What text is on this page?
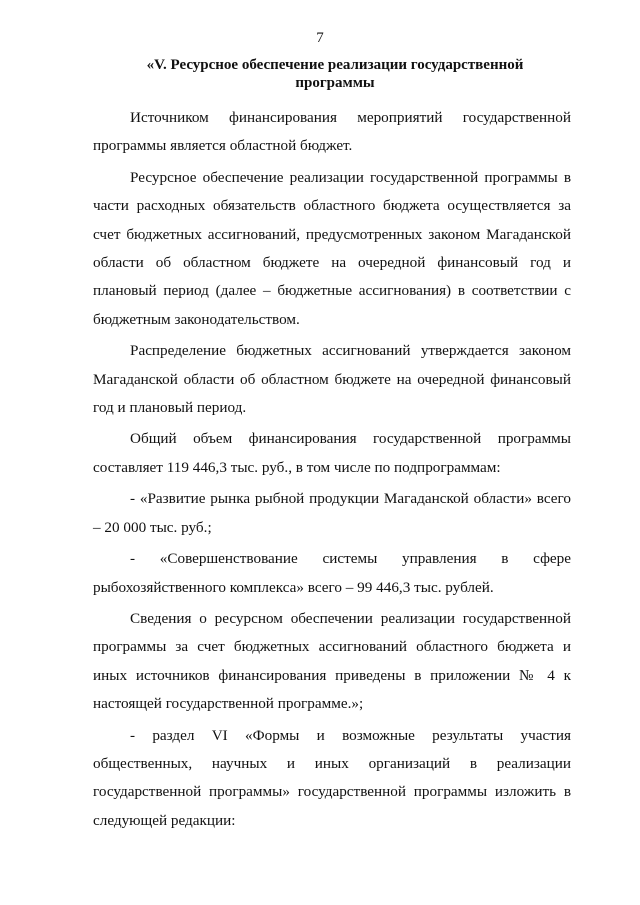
7
«V. Ресурсное обеспечение реализации государственной программы

Источником финансирования мероприятий государственной программы является областной бюджет.

Ресурсное обеспечение реализации государственной программы в части расходных обязательств областного бюджета осуществляется за счет бюджетных ассигнований, предусмотренных законом Магаданской области об областном бюджете на очередной финансовый год и плановый период (далее – бюджетные ассигнования) в соответствии с бюджетным законодательством.

Распределение бюджетных ассигнований утверждается законом Магаданской области об областном бюджете на очередной финансовый год и плановый период.

Общий объем финансирования государственной программы составляет 119 446,3 тыс. руб., в том числе по подпрограммам:

- «Развитие рынка рыбной продукции Магаданской области» всего – 20 000 тыс. руб.;

- «Совершенствование системы управления в сфере рыбохозяйственного комплекса» всего – 99 446,3 тыс. рублей.

Сведения о ресурсном обеспечении реализации государственной программы за счет бюджетных ассигнований областного бюджета и иных источников финансирования приведены в приложении № 4 к настоящей государственной программе.»;

- раздел VI «Формы и возможные результаты участия общественных, научных и иных организаций в реализации государственной программы» государственной программы изложить в следующей редакции:
